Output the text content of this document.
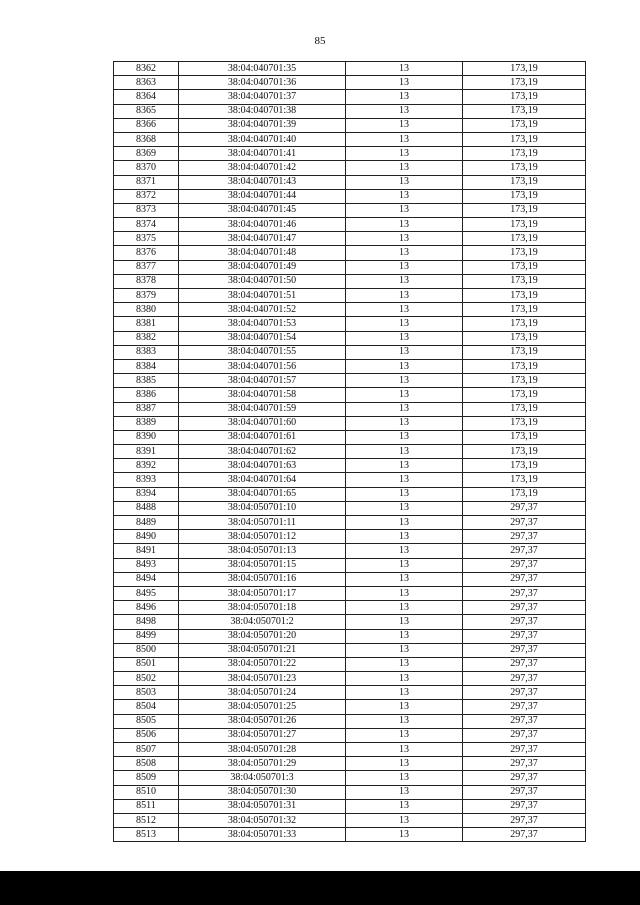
85
8362	38:04:040701:35	13	173,19
8363	38:04:040701:36	13	173,19
8364	38:04:040701:37	13	173,19
8365	38:04:040701:38	13	173,19
8366	38:04:040701:39	13	173,19
8368	38:04:040701:40	13	173,19
8369	38:04:040701:41	13	173,19
8370	38:04:040701:42	13	173,19
8371	38:04:040701:43	13	173,19
8372	38:04:040701:44	13	173,19
8373	38:04:040701:45	13	173,19
8374	38:04:040701:46	13	173,19
8375	38:04:040701:47	13	173,19
8376	38:04:040701:48	13	173,19
8377	38:04:040701:49	13	173,19
8378	38:04:040701:50	13	173,19
8379	38:04:040701:51	13	173,19
8380	38:04:040701:52	13	173,19
8381	38:04:040701:53	13	173,19
8382	38:04:040701:54	13	173,19
8383	38:04:040701:55	13	173,19
8384	38:04:040701:56	13	173,19
8385	38:04:040701:57	13	173,19
8386	38:04:040701:58	13	173,19
8387	38:04:040701:59	13	173,19
8389	38:04:040701:60	13	173,19
8390	38:04:040701:61	13	173,19
8391	38:04:040701:62	13	173,19
8392	38:04:040701:63	13	173,19
8393	38:04:040701:64	13	173,19
8394	38:04:040701:65	13	173,19
8488	38:04:050701:10	13	297,37
8489	38:04:050701:11	13	297,37
8490	38:04:050701:12	13	297,37
8491	38:04:050701:13	13	297,37
8493	38:04:050701:15	13	297,37
8494	38:04:050701:16	13	297,37
8495	38:04:050701:17	13	297,37
8496	38:04:050701:18	13	297,37
8498	38:04:050701:2	13	297,37
8499	38:04:050701:20	13	297,37
8500	38:04:050701:21	13	297,37
8501	38:04:050701:22	13	297,37
8502	38:04:050701:23	13	297,37
8503	38:04:050701:24	13	297,37
8504	38:04:050701:25	13	297,37
8505	38:04:050701:26	13	297,37
8506	38:04:050701:27	13	297,37
8507	38:04:050701:28	13	297,37
8508	38:04:050701:29	13	297,37
8509	38:04:050701:3	13	297,37
8510	38:04:050701:30	13	297,37
8511	38:04:050701:31	13	297,37
8512	38:04:050701:32	13	297,37
8513	38:04:050701:33	13	297,37
